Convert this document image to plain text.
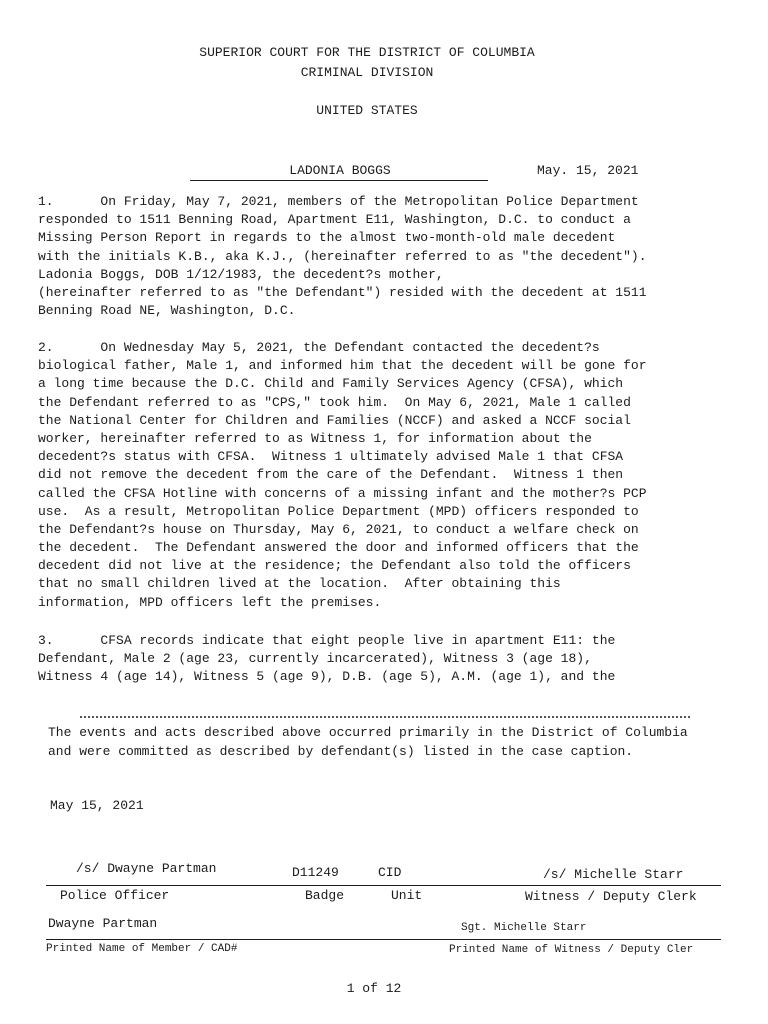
SUPERIOR COURT FOR THE DISTRICT OF COLUMBIA
CRIMINAL DIVISION
UNITED STATES
LADONIA BOGGS	May. 15, 2021
1.      On Friday, May 7, 2021, members of the Metropolitan Police Department
responded to 1511 Benning Road, Apartment E11, Washington, D.C. to conduct a
Missing Person Report in regards to the almost two-month-old male decedent
with the initials K.B., aka K.J., (hereinafter referred to as "the decedent").
Ladonia Boggs, DOB 1/12/1983, the decedent?s mother,
(hereinafter referred to as "the Defendant") resided with the decedent at 1511
Benning Road NE, Washington, D.C.
2.      On Wednesday May 5, 2021, the Defendant contacted the decedent?s
biological father, Male 1, and informed him that the decedent will be gone for
a long time because the D.C. Child and Family Services Agency (CFSA), which
the Defendant referred to as "CPS," took him.  On May 6, 2021, Male 1 called
the National Center for Children and Families (NCCF) and asked a NCCF social
worker, hereinafter referred to as Witness 1, for information about the
decedent?s status with CFSA.  Witness 1 ultimately advised Male 1 that CFSA
did not remove the decedent from the care of the Defendant.  Witness 1 then
called the CFSA Hotline with concerns of a missing infant and the mother?s PCP
use.  As a result, Metropolitan Police Department (MPD) officers responded to
the Defendant?s house on Thursday, May 6, 2021, to conduct a welfare check on
the decedent.  The Defendant answered the door and informed officers that the
decedent did not live at the residence; the Defendant also told the officers
that no small children lived at the location.  After obtaining this
information, MPD officers left the premises.
3.      CFSA records indicate that eight people live in apartment E11: the
Defendant, Male 2 (age 23, currently incarcerated), Witness 3 (age 18),
Witness 4 (age 14), Witness 5 (age 9), D.B. (age 5), A.M. (age 1), and the
The events and acts described above occurred primarily in the District of Columbia
and were committed as described by defendant(s) listed in the case caption.
May 15, 2021
/s/ Dwayne Partman	D11249	CID	/s/ Michelle Starr
Police Officer	Badge	Unit	Witness / Deputy Clerk
Dwayne Partman	Sgt. Michelle Starr
Printed Name of Member / CAD#	Printed Name of Witness / Deputy Cler
1 of 12
